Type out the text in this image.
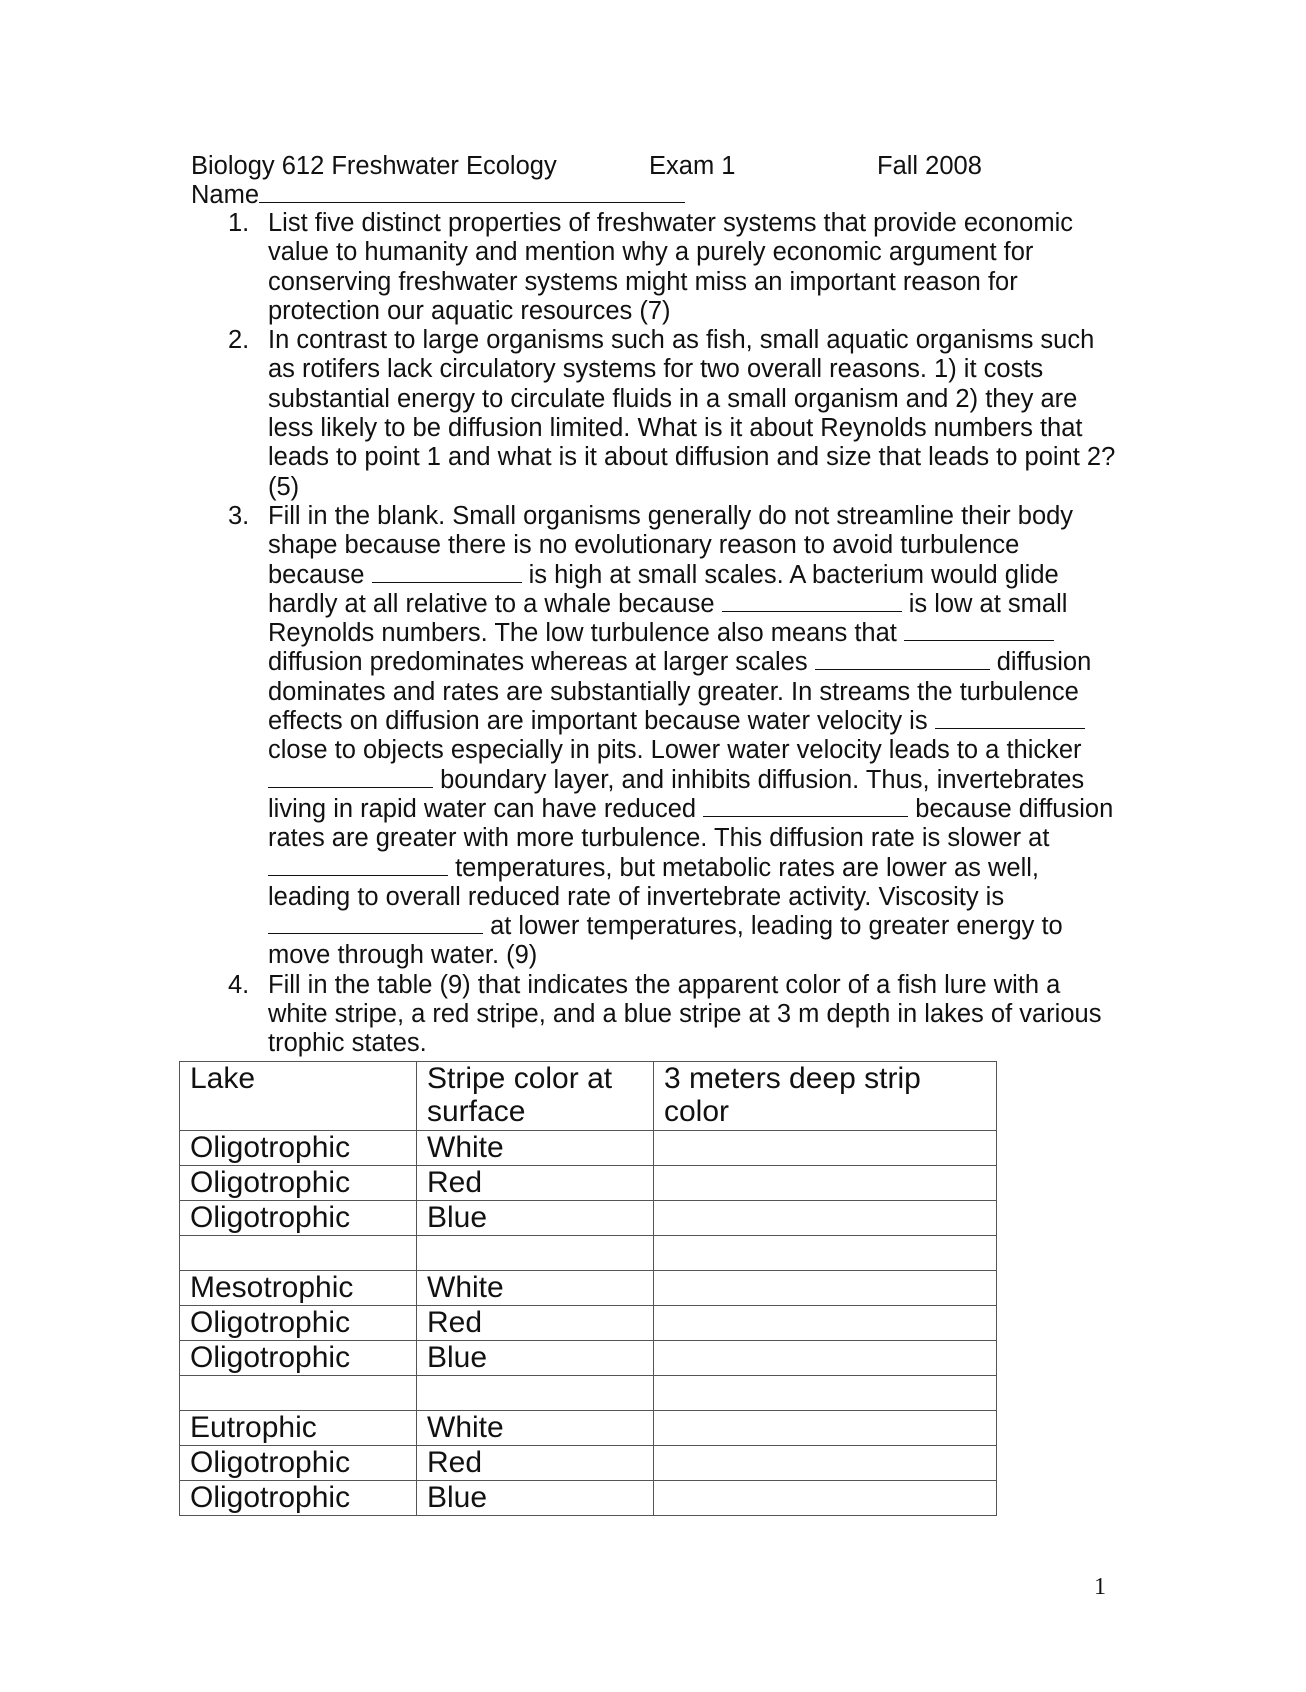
Biology 612 Freshwater Ecology	Exam 1	Fall 2008
Name
1. List five distinct properties of freshwater systems that provide economic value to humanity and mention why a purely economic argument for conserving freshwater systems might miss an important reason for protection our aquatic resources (7)

2. In contrast to large organisms such as fish, small aquatic organisms such as rotifers lack circulatory systems for two overall reasons. 1) it costs substantial energy to circulate fluids in a small organism and 2) they are less likely to be diffusion limited. What is it about Reynolds numbers that leads to point 1 and what is it about diffusion and size that leads to point 2? (5)

3. Fill in the blank. Small organisms generally do not streamline their body shape because there is no evolutionary reason to avoid turbulence because	is high at small scales. A bacterium would glide hardly at all relative to a whale because	is low at small Reynolds numbers. The low turbulence also means that  diffusion predominates whereas at larger scales	diffusion dominates and rates are substantially greater. In streams the turbulence effects on diffusion are important because water velocity is  close to objects especially in pits. Lower water velocity leads to a thicker  boundary layer, and inhibits diffusion. Thus, invertebrates living in rapid water can have reduced	because diffusion rates are greater with more turbulence. This diffusion rate is slower at  temperatures, but metabolic rates are lower as well, leading to overall reduced rate of invertebrate activity. Viscosity is  at lower temperatures, leading to greater energy to move through water. (9)

4. Fill in the table (9) that indicates the apparent color of a fish lure with a white stripe, a red stripe, and a blue stripe at 3 m depth in lakes of various trophic states.

Lake	Stripe color at surface	3 meters deep strip color
Oligotrophic	White	
Oligotrophic	Red	
Oligotrophic	Blue	

Mesotrophic	White	
Oligotrophic	Red	
Oligotrophic	Blue	

Eutrophic	White	
Oligotrophic	Red	
Oligotrophic	Blue	
1
